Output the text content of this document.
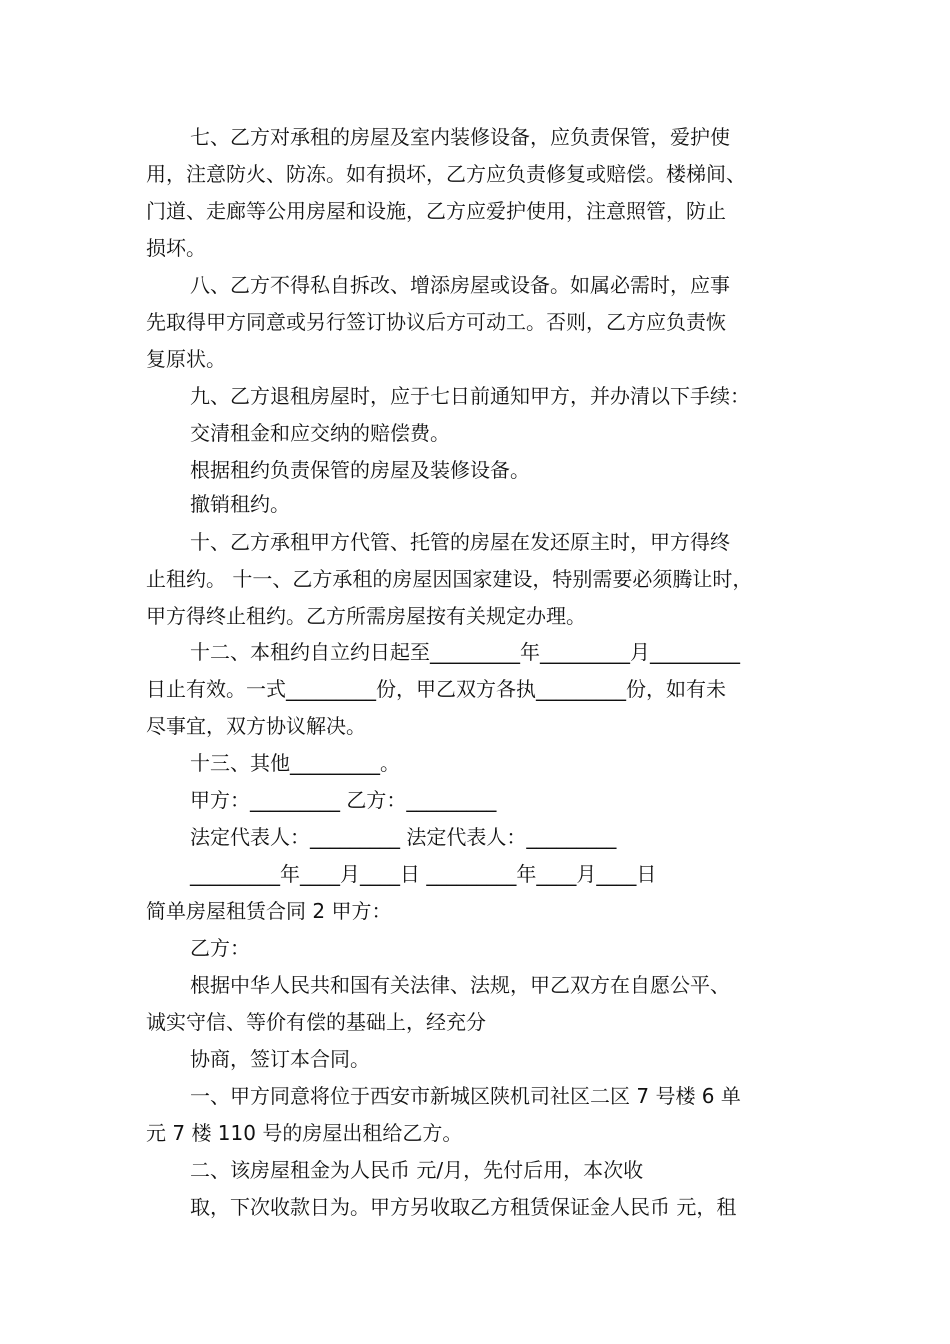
七、乙方对承租的房屋及室内装修设备，应负责保管，爱护使
用，注意防火、防冻。如有损坏，乙方应负责修复或赔偿。楼梯间、
门道、走廊等公用房屋和设施，乙方应爱护使用，注意照管，防止
损坏。
八、乙方不得私自拆改、增添房屋或设备。如属必需时，应事
先取得甲方同意或另行签订协议后方可动工。否则，乙方应负责恢
复原状。
九、乙方退租房屋时，应于七日前通知甲方，并办清以下手续：
交清租金和应交纳的赔偿费。
根据租约负责保管的房屋及装修设备。
撤销租约。
十、乙方承租甲方代管、托管的房屋在发还原主时，甲方得终
止租约。 十一、乙方承租的房屋因国家建设，特别需要必须腾让时，
甲方得终止租约。乙方所需房屋按有关规定办理。
十二、本租约自立约日起至_________年_________月_________
日止有效。一式_________份，甲乙双方各执_________份，如有未
尽事宜，双方协议解决。
十三、其他_________。
甲方：_________ 乙方：_________
法定代表人：_________ 法定代表人：_________
_________年____月____日 _________年____月____日
简单房屋租赁合同 2 甲方：
乙方：
根据中华人民共和国有关法律、法规，甲乙双方在自愿公平、
诚实守信、等价有偿的基础上，经充分
协商，签订本合同。
一、甲方同意将位于西安市新城区陕机司社区二区 7 号楼 6 单
元 7 楼 110 号的房屋出租给乙方。
二、该房屋租金为人民币 元/月，先付后用，本次收
取，下次收款日为。甲方另收取乙方租赁保证金人民币 元，租
